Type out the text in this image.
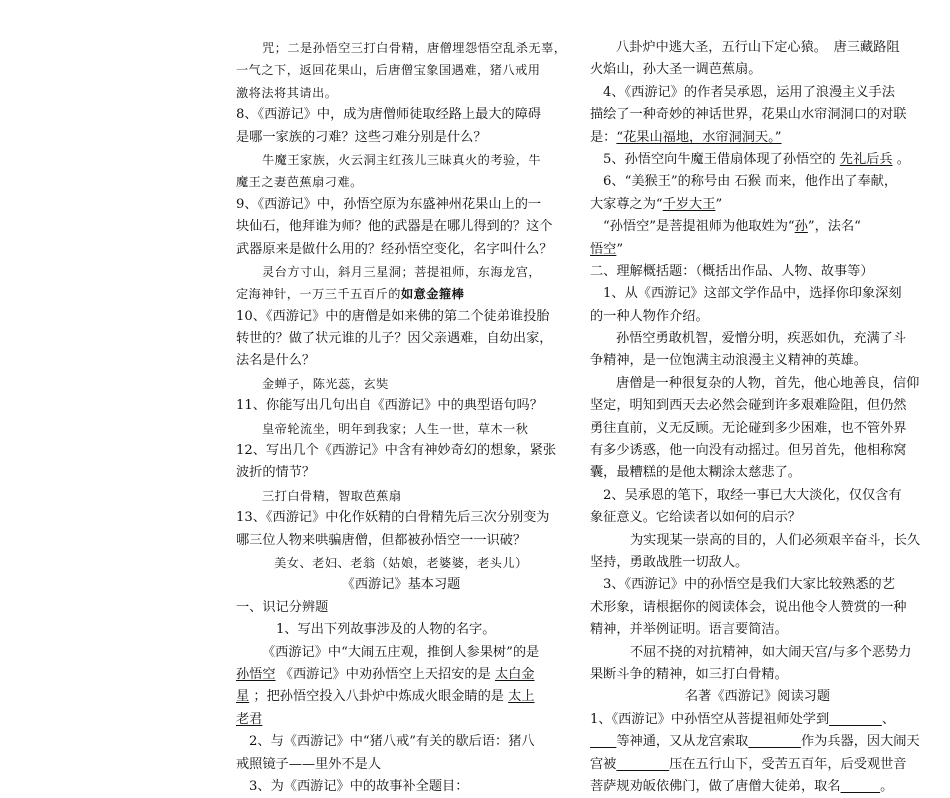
咒；二是孙悟空三打白骨精，唐僧埋怨悟空乱杀无辜，
一气之下，返回花果山，后唐僧宝象国遇难，猪八戒用
激将法将其请出。
8、《西游记》中，成为唐僧师徒取经路上最大的障碍
是哪一家族的刁难？这些刁难分别是什么？
牛魔王家族，火云洞主红孩儿三昧真火的考验，牛
魔王之妻芭蕉扇刁难。
9、《西游记》中，孙悟空原为东盛神州花果山上的一
块仙石，他拜谁为师？他的武器是在哪儿得到的？这个
武器原来是做什么用的？经孙悟空变化，名字叫什么？
灵台方寸山，斜月三星洞；菩提祖师，东海龙宫，
定海神针，一万三千五百斤的如意金箍棒
10、《西游记》中的唐僧是如来佛的第二个徒弟谁投胎
转世的？做了状元谁的儿子？因父亲遇难，自幼出家，
法名是什么？
金蝉子，陈光蕊，玄奘
11、你能写出几句出自《西游记》中的典型语句吗？
皇帝轮流坐，明年到我家；人生一世，草木一秋
12、写出几个《西游记》中含有神妙奇幻的想象，紧张
波折的情节？
三打白骨精，智取芭蕉扇
13、《西游记》中化作妖精的白骨精先后三次分别变为
哪三位人物来哄骗唐僧，但都被孙悟空一一识破？
美女、老妇、老翁（姑娘，老婆婆，老头儿）
《西游记》基本习题
一、识记分辨题
1、写出下列故事涉及的人物的名字。
《西游记》中“大闹五庄观，推倒人参果树”的是
孙悟空 《西游记》中劝孙悟空上天招安的是 太白金
星 ；把孙悟空投入八卦炉中炼成火眼金睛的是 太上
老君
2、与《西游记》中“猪八戒”有关的歇后语：猪八
戒照镜子——里外不是人
3、为《西游记》中的故事补全题目：
八卦炉中逃大圣，五行山下定心猿。　唐三藏路阻
火焰山，孙大圣一调芭蕉扇。
4、《西游记》的作者吴承恩，运用了浪漫主义手法
描绘了一种奇妙的神话世界，花果山水帘洞洞口的对联
是：“花果山福地，水帘洞洞天。”
5、孙悟空向牛魔王借扇体现了孙悟空的 先礼后兵 。
6、“美猴王”的称号由 石猴 而来，他作出了奉献，
大家尊之为“千岁大王”
“孙悟空”是菩提祖师为他取姓为“孙”，法名“
悟空”
二、理解概括题：（概括出作品、人物、故事等）
1、从《西游记》这部文学作品中，选择你印象深刻
的一种人物作介绍。
孙悟空勇敢机智，爱憎分明，疾恶如仇，充满了斗
争精神，是一位饱满主动浪漫主义精神的英雄。
唐僧是一种很复杂的人物，首先，他心地善良，信仰
坚定，明知到西天去必然会碰到许多艰难险阻，但仍然
勇往直前，义无反顾。无论碰到多少困难，也不管外界
有多少诱惑，他一向没有动摇过。但另首先，他相称窝
囊，最糟糕的是他太糊涂太慈悲了。
2、吴承恩的笔下，取经一事已大大淡化，仅仅含有
象征意义。它给读者以如何的启示？
为实现某一崇高的目的，人们必须艰辛奋斗，长久
坚持，勇敢战胜一切敌人。
3、《西游记》中的孙悟空是我们大家比较熟悉的艺
术形象，请根据你的阅读体会，说出他令人赞赏的一种
精神，并举例证明。语言要简洁。
不屈不挠的对抗精神，如大闹天宫/与多个恶势力
果断斗争的精神，如三打白骨精。
名著《西游记》阅读习题
1、《西游记》中孙悟空从菩提祖师处学到　　　　	、
　　等神通，又从龙宫索取　　　　	作为兵器，因大闹天
宫被　　　　	压在五行山下，受苦五百年，后受观世音
菩萨规劝皈依佛门，做了唐僧大徒弟，取名　　　	。
